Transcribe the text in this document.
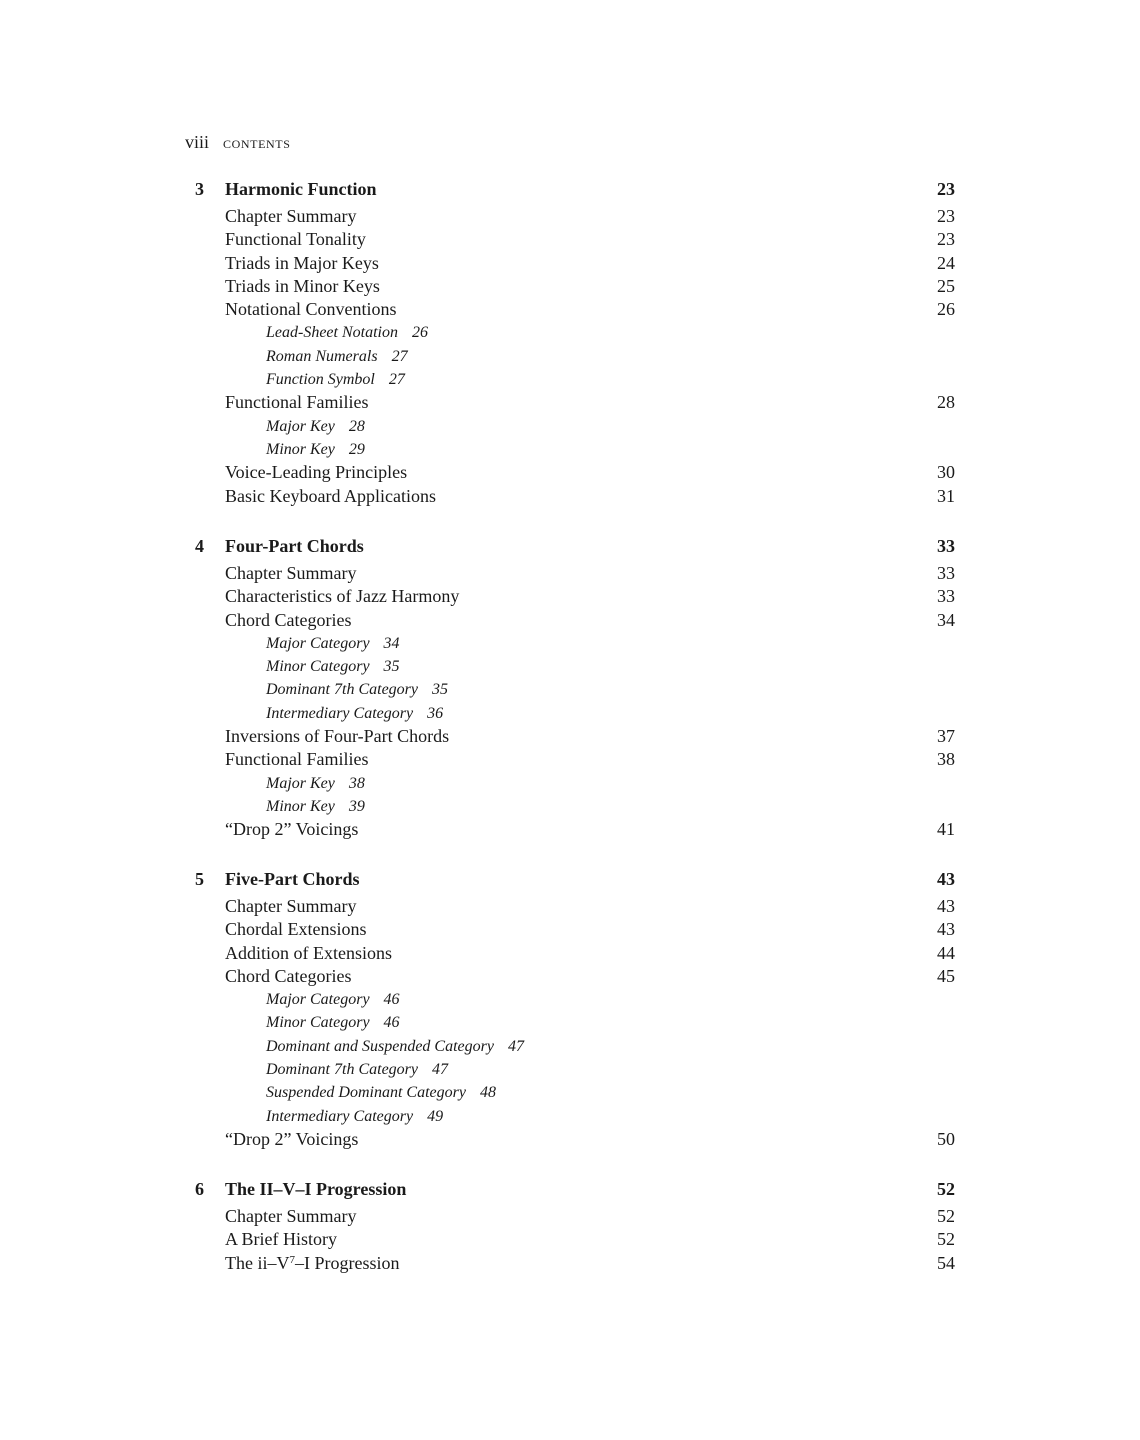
viii contents
3 Harmonic Function	23
Chapter Summary	23
Functional Tonality	23
Triads in Major Keys	24
Triads in Minor Keys	25
Notational Conventions	26
Lead-Sheet Notation 26
Roman Numerals 27
Function Symbol 27
Functional Families	28
Major Key 28
Minor Key 29
Voice-Leading Principles	30
Basic Keyboard Applications	31
4 Four-Part Chords	33
Chapter Summary	33
Characteristics of Jazz Harmony	33
Chord Categories	34
Major Category 34
Minor Category 35
Dominant 7th Category 35
Intermediary Category 36
Inversions of Four-Part Chords	37
Functional Families	38
Major Key 38
Minor Key 39
“Drop 2” Voicings	41
5 Five-Part Chords	43
Chapter Summary	43
Chordal Extensions	43
Addition of Extensions	44
Chord Categories	45
Major Category 46
Minor Category 46
Dominant and Suspended Category 47
Dominant 7th Category 47
Suspended Dominant Category 48
Intermediary Category 49
“Drop 2” Voicings	50
6 The II–V–I Progression	52
Chapter Summary	52
A Brief History	52
The $ii-V^7-I$ Progression	54
